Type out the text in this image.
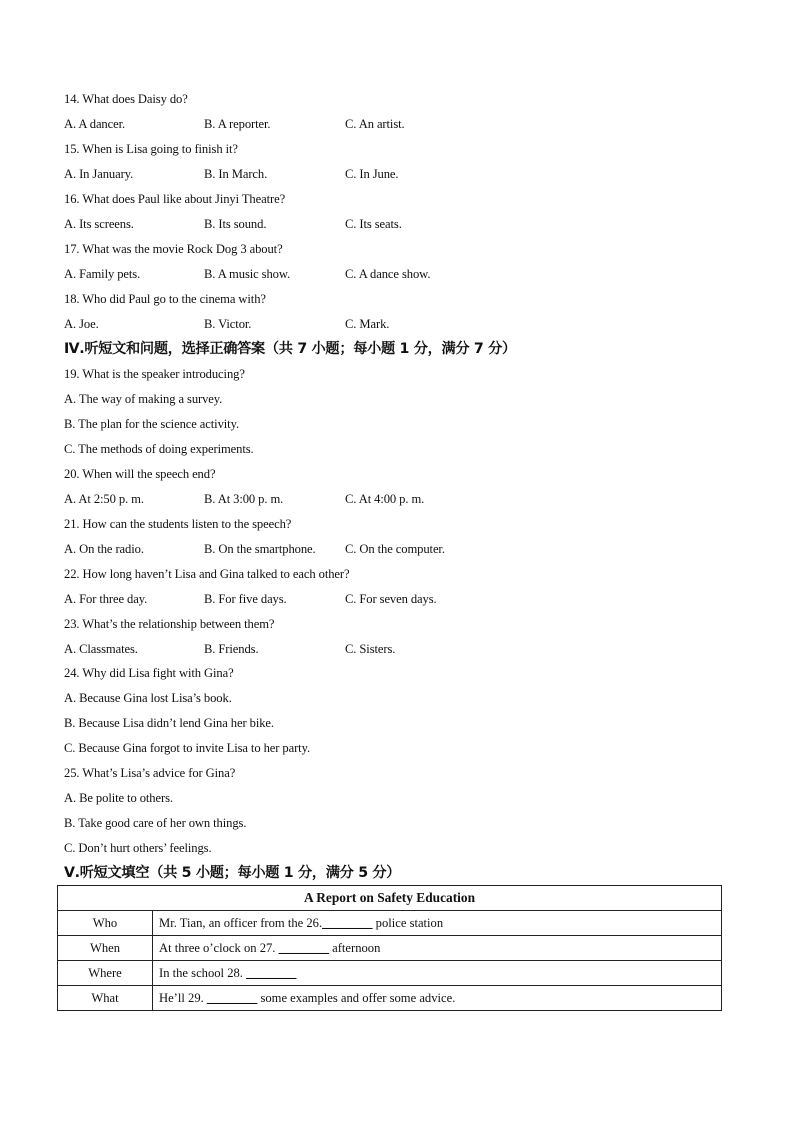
14. What does Daisy do?
A. A dancer.	B. A reporter.	C. An artist.
15. When is Lisa going to finish it?
A. In January.	B. In March.	C. In June.
16. What does Paul like about Jinyi Theatre?
A. Its screens.	B. Its sound.	C. Its seats.
17. What was the movie Rock Dog 3 about?
A. Family pets.	B. A music show.	C. A dance show.
18. Who did Paul go to the cinema with?
A. Joe.	B. Victor.	C. Mark.
Ⅳ.听短文和问题，选择正确答案（共 7 小题；每小题 1 分，满分 7 分）
19. What is the speaker introducing?
A. The way of making a survey.
B. The plan for the science activity.
C. The methods of doing experiments.
20. When will the speech end?
A. At 2:50 p. m.	B. At 3:00 p. m.	C. At 4:00 p. m.
21. How can the students listen to the speech?
A. On the radio.	B. On the smartphone. C. On the computer.
22. How long haven’t Lisa and Gina talked to each other?
A. For three day.	B. For five days.	C. For seven days.
23. What’s the relationship between them?
A. Classmates.	B. Friends.	C. Sisters.
24. Why did Lisa fight with Gina?
A. Because Gina lost Lisa’s book.
B. Because Lisa didn’t lend Gina her bike.
C. Because Gina forgot to invite Lisa to her party.
25. What’s Lisa’s advice for Gina?
A. Be polite to others.
B. Take good care of her own things.
C. Don’t hurt others’ feelings.
Ⅴ.听短文填空（共 5 小题；每小题 1 分，满分 5 分）
A Report on Safety Education	
Who	Mr. Tian, an officer from the 26.________ police station
When	At three o’clock on 27. ________ afternoon
Where	In the school 28. ________
What	He’ll 29. ________ some examples and offer some advice.
